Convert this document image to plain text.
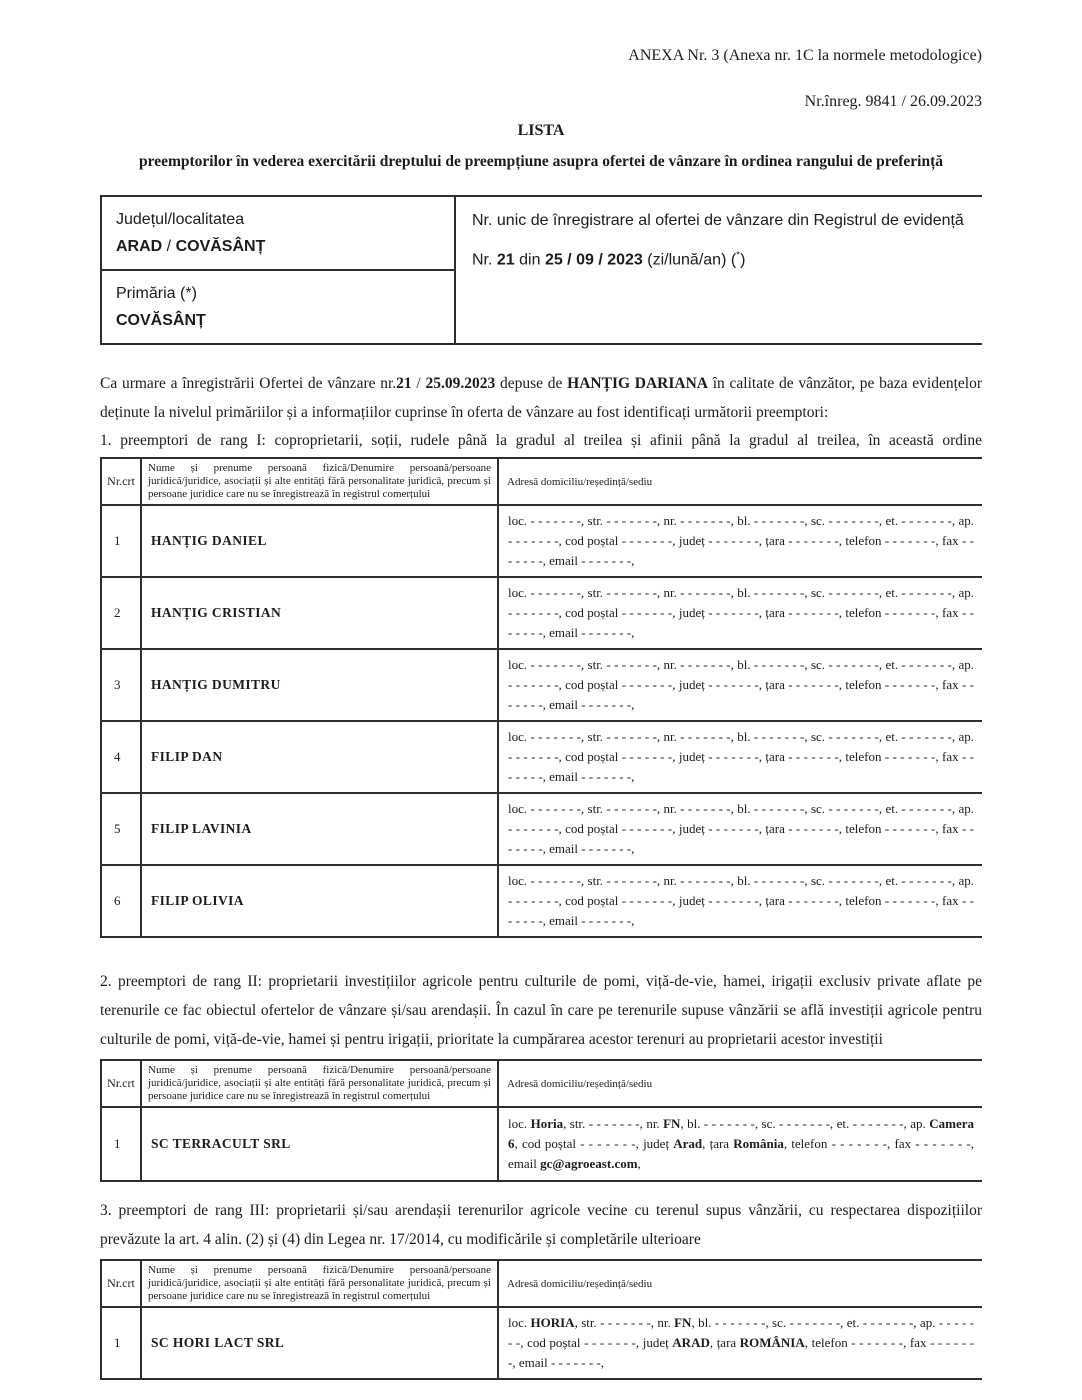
ANEXA Nr. 3 (Anexa nr. 1C la normele metodologice)
Nr.înreg. 9841 / 26.09.2023
LISTA
preemptorilor în vederea exercitării dreptului de preempțiune asupra ofertei de vânzare în ordinea rangului de preferință
Județul/localitatea
ARAD / COVĂSÂNȚ

Nr. unic de înregistrare al ofertei de vânzare din Registrul de evidență
Nr. 21 din 25 / 09 / 2023 (zi/lună/an) (*)

Primăria (*)
COVĂSÂNȚ

Ca urmare a înregistrării Ofertei de vânzare nr.21 / 25.09.2023 depuse de HANȚIG DARIANA în calitate de vânzător, pe baza evidențelor deținute la nivelul primăriilor și a informațiilor cuprinse în oferta de vânzare au fost identificați următorii preemptori:

1. preemptori de rang I: coproprietarii, soții, rudele până la gradul al treilea și afinii până la gradul al treilea, în această ordine

Nr.crt	Nume și prenume persoană fizică/Denumire persoană/persoane juridică/juridice, asociații și alte entități fără personalitate juridică, precum și persoane juridice care nu se înregistrează în registrul comerțului	Adresă domiciliu/reședință/sediu
1	HANȚIG DANIEL	loc. - - - - - - -, str. - - - - - - -, nr. - - - - - - -, bl. - - - - - - -, sc. - - - - - - -, et. - - - - - - -, ap. - - - - - - -, cod poștal - - - - - - -, județ - - - - - - -, țara - - - - - - -, telefon - - - - - - -, fax - - - - - - -, email - - - - - - -,
2	HANȚIG CRISTIAN	loc. - - - - - - -, str. - - - - - - -, nr. - - - - - - -, bl. - - - - - - -, sc. - - - - - - -, et. - - - - - - -, ap. - - - - - - -, cod poștal - - - - - - -, județ - - - - - - -, țara - - - - - - -, telefon - - - - - - -, fax - - - - - - -, email - - - - - - -,
3	HANȚIG DUMITRU	loc. - - - - - - -, str. - - - - - - -, nr. - - - - - - -, bl. - - - - - - -, sc. - - - - - - -, et. - - - - - - -, ap. - - - - - - -, cod poștal - - - - - - -, județ - - - - - - -, țara - - - - - - -, telefon - - - - - - -, fax - - - - - - -, email - - - - - - -,
4	FILIP DAN	loc. - - - - - - -, str. - - - - - - -, nr. - - - - - - -, bl. - - - - - - -, sc. - - - - - - -, et. - - - - - - -, ap. - - - - - - -, cod poștal - - - - - - -, județ - - - - - - -, țara - - - - - - -, telefon - - - - - - -, fax - - - - - - -, email - - - - - - -,
5	FILIP LAVINIA	loc. - - - - - - -, str. - - - - - - -, nr. - - - - - - -, bl. - - - - - - -, sc. - - - - - - -, et. - - - - - - -, ap. - - - - - - -, cod poștal - - - - - - -, județ - - - - - - -, țara - - - - - - -, telefon - - - - - - -, fax - - - - - - -, email - - - - - - -,
6	FILIP OLIVIA	loc. - - - - - - -, str. - - - - - - -, nr. - - - - - - -, bl. - - - - - - -, sc. - - - - - - -, et. - - - - - - -, ap. - - - - - - -, cod poștal - - - - - - -, județ - - - - - - -, țara - - - - - - -, telefon - - - - - - -, fax - - - - - - -, email - - - - - - -,

2. preemptori de rang II: proprietarii investițiilor agricole pentru culturile de pomi, viță-de-vie, hamei, irigații exclusiv private aflate pe terenurile ce fac obiectul ofertelor de vânzare și/sau arendașii. În cazul în care pe terenurile supuse vânzării se află investiții agricole pentru culturile de pomi, viță-de-vie, hamei și pentru irigații, prioritate la cumpărarea acestor terenuri au proprietarii acestor investiții

Nr.crt	Nume și prenume persoană fizică/Denumire persoană/persoane juridică/juridice, asociații și alte entități fără personalitate juridică, precum și persoane juridice care nu se înregistrează în registrul comerțului	Adresă domiciliu/reședință/sediu
1	SC TERRACULT SRL	loc. Horia, str. - - - - - - -, nr. FN, bl. - - - - - - -, sc. - - - - - - -, et. - - - - - - -, ap. Camera 6, cod poștal - - - - - - -, județ Arad, țara România, telefon - - - - - - -, fax - - - - - - -, email gc@agroeast.com,

3. preemptori de rang III: proprietarii și/sau arendașii terenurilor agricole vecine cu terenul supus vânzării, cu respectarea dispozițiilor prevăzute la art. 4 alin. (2) și (4) din Legea nr. 17/2014, cu modificările și completările ulterioare

Nr.crt	Nume și prenume persoană fizică/Denumire persoană/persoane juridică/juridice, asociații și alte entități fără personalitate juridică, precum și persoane juridice care nu se înregistrează în registrul comerțului	Adresă domiciliu/reședință/sediu
1	SC HORI LACT SRL	loc. HORIA, str. - - - - - - -, nr. FN, bl. - - - - - - -, sc. - - - - - - -, et. - - - - - - -, ap. - - - - - - -, cod poștal - - - - - - -, județ ARAD, țara ROMÂNIA, telefon - - - - - - -, fax - - - - - - -, email - - - - - - -,
